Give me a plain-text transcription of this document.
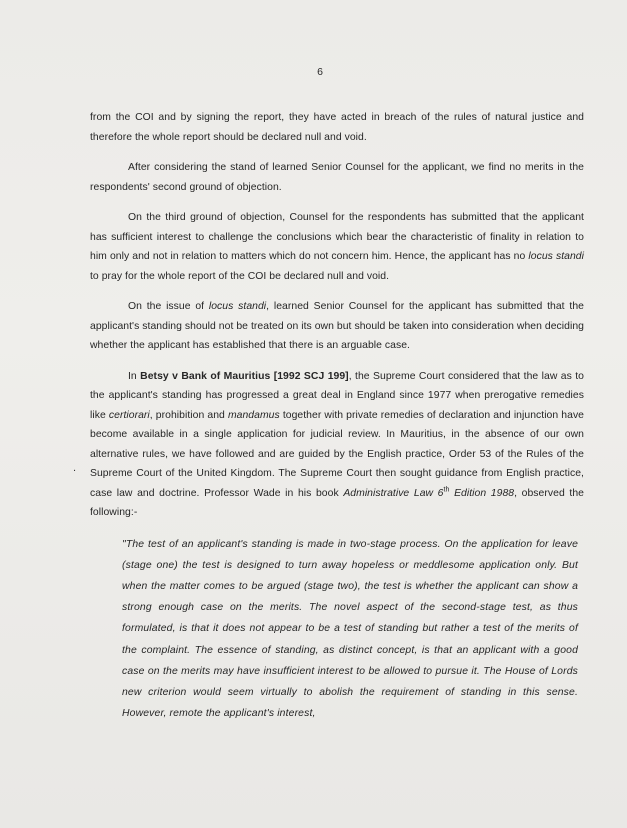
6
.

from the COI and by signing the report, they have acted in breach of the rules of natural justice and therefore the whole report should be declared null and void.

After considering the stand of learned Senior Counsel for the applicant, we find no merits in the respondents' second ground of objection.

On the third ground of objection, Counsel for the respondents has submitted that the applicant has sufficient interest to challenge the conclusions which bear the characteristic of finality in relation to him only and not in relation to matters which do not concern him. Hence, the applicant has no locus standi to pray for the whole report of the COI be declared null and void.

On the issue of locus standi, learned Senior Counsel for the applicant has submitted that the applicant's standing should not be treated on its own but should be taken into consideration when deciding whether the applicant has established that there is an arguable case.

In Betsy v Bank of Mauritius [1992 SCJ 199], the Supreme Court considered that the law as to the applicant's standing has progressed a great deal in England since 1977 when prerogative remedies like certiorari, prohibition and mandamus together with private remedies of declaration and injunction have become available in a single application for judicial review. In Mauritius, in the absence of our own alternative rules, we have followed and are guided by the English practice, Order 53 of the Rules of the Supreme Court of the United Kingdom. The Supreme Court then sought guidance from English practice, case law and doctrine. Professor Wade in his book Administrative Law 6th Edition 1988, observed the following:-

"The test of an applicant's standing is made in two-stage process. On the application for leave (stage one) the test is designed to turn away hopeless or meddlesome application only. But when the matter comes to be argued (stage two), the test is whether the applicant can show a strong enough case on the merits. The novel aspect of the second-stage test, as thus formulated, is that it does not appear to be a test of standing but rather a test of the merits of the complaint. The essence of standing, as distinct concept, is that an applicant with a good case on the merits may have insufficient interest to be allowed to pursue it. The House of Lords new criterion would seem virtually to abolish the requirement of standing in this sense. However, remote the applicant's interest,
